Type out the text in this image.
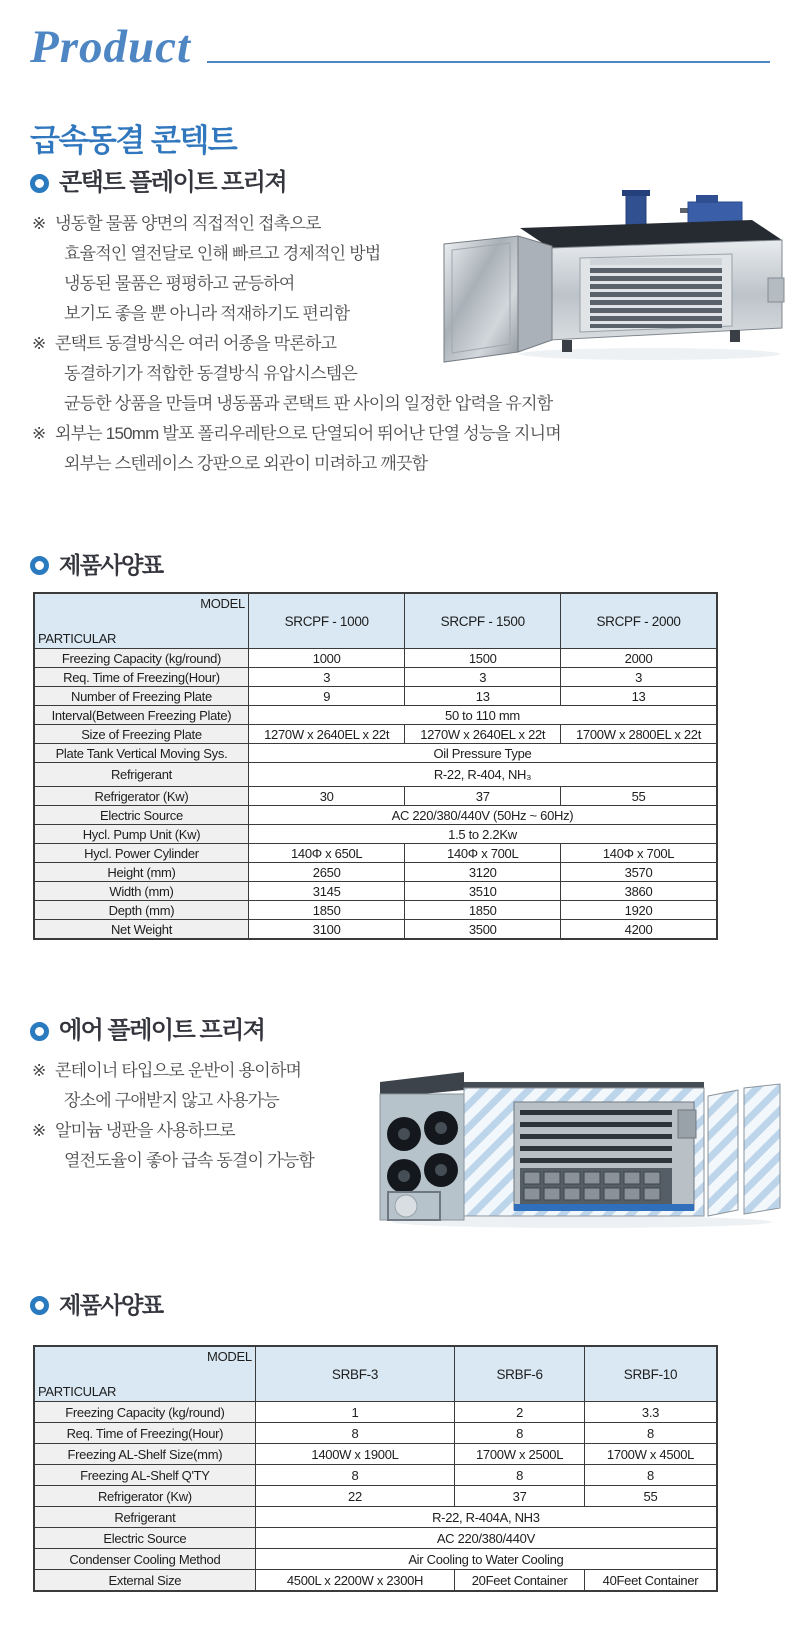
Product
급속동결 콘텍트
콘택트 플레이트 프리져
※ 냉동할 물품 양면의 직접적인 접촉으로
효율적인 열전달로 인해 빠르고 경제적인 방법
냉동된 물품은 평평하고 균등하여
보기도 좋을 뿐 아니라 적재하기도 편리함
※ 콘택트 동결방식은 여러 어종을 막론하고
동결하기가 적합한 동결방식 유압시스템은
균등한 상품을 만들며 냉동품과 콘택트 판 사이의 일정한 압력을 유지함
※ 외부는 150mm 발포 폴리우레탄으로 단열되어 뛰어난 단열 성능을 지니며
외부는 스텐레이스 강판으로 외관이 미려하고 깨끗함
제품사양표
MODEL
PARTICULAR	SRCPF - 1000	SRCPF - 1500	SRCPF - 2000
Freezing Capacity (kg/round)	1000	1500	2000
Req. Time of Freezing(Hour)	3	3	3
Number of Freezing Plate	9	13	13
Interval(Between Freezing Plate)	50 to 110 mm		
Size of Freezing Plate	1270W x 2640EL x 22t	1270W x 2640EL x 22t	1700W x 2800EL x 22t
Plate Tank Vertical Moving Sys.	Oil Pressure Type		
Refrigerant	R-22, R-404, NH₃		
Refrigerator (Kw)	30	37	55
Electric Source	AC 220/380/440V (50Hz ~ 60Hz)		
Hycl. Pump Unit (Kw)	1.5 to 2.2Kw		
Hycl. Power Cylinder	140Φ x 650L	140Φ x 700L	140Φ x 700L
Height (mm)	2650	3120	3570
Width (mm)	3145	3510	3860
Depth (mm)	1850	1850	1920
Net Weight	3100	3500	4200
에어 플레이트 프리져
※ 콘테이너 타입으로 운반이 용이하며
장소에 구애받지 않고 사용가능
※ 알미늄 냉판을 사용하므로
열전도율이 좋아 급속 동결이 가능함
제품사양표
MODEL
PARTICULAR	SRBF-3	SRBF-6	SRBF-10
Freezing Capacity (kg/round)	1	2	3.3
Req. Time of Freezing(Hour)	8	8	8
Freezing AL-Shelf Size(mm)	1400W x 1900L	1700W x 2500L	1700W x 4500L
Freezing AL-Shelf Q'TY	8	8	8
Refrigerator (Kw)	22	37	55
Refrigerant	R-22, R-404A, NH3		
Electric Source	AC 220/380/440V		
Condenser Cooling Method	Air Cooling to Water Cooling		
External Size	4500L x 2200W x 2300H	20Feet Container	40Feet Container
